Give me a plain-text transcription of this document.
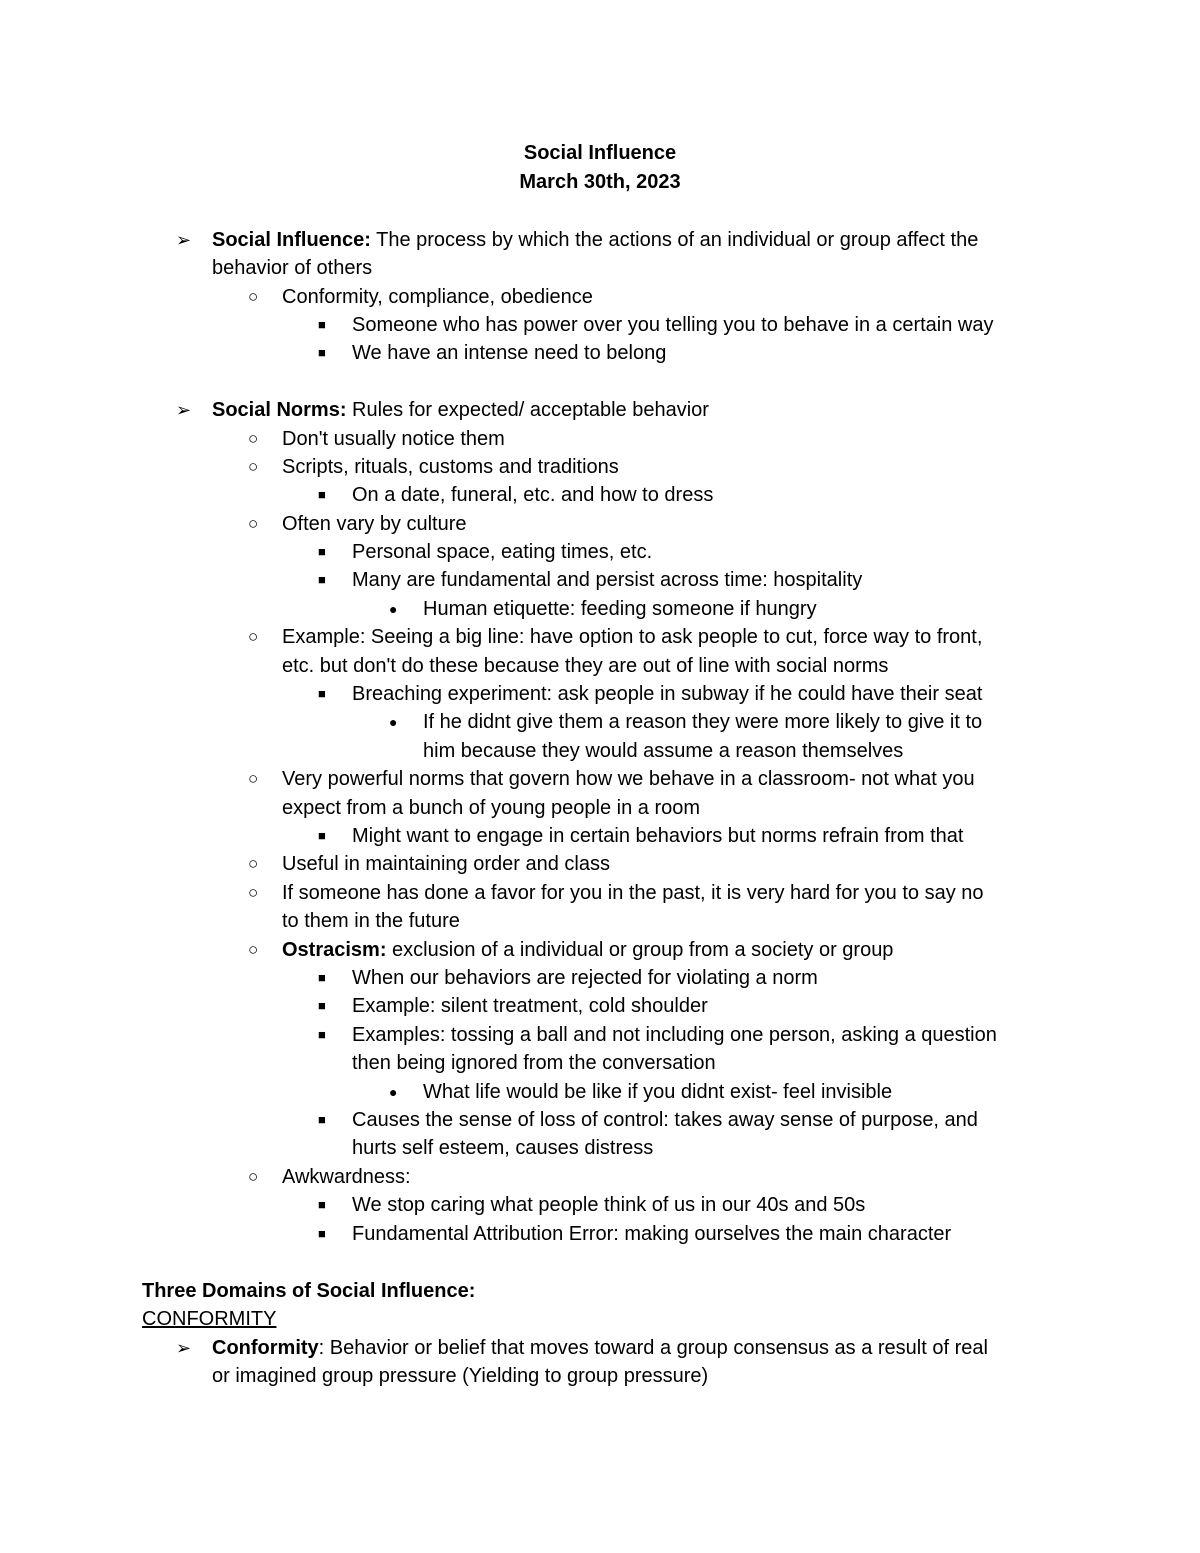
Social Influence
March 30th, 2023
➢ Social Influence: The process by which the actions of an individual or group affect the
behavior of others
○ Conformity, compliance, obedience
■ Someone who has power over you telling you to behave in a certain way
■ We have an intense need to belong
➢ Social Norms: Rules for expected/ acceptable behavior
○ Don't usually notice them
○ Scripts, rituals, customs and traditions
■ On a date, funeral, etc. and how to dress
○ Often vary by culture
■ Personal space, eating times, etc.
■ Many are fundamental and persist across time: hospitality
● Human etiquette: feeding someone if hungry
○ Example: Seeing a big line: have option to ask people to cut, force way to front,
etc. but don't do these because they are out of line with social norms
■ Breaching experiment: ask people in subway if he could have their seat
● If he didnt give them a reason they were more likely to give it to
him because they would assume a reason themselves
○ Very powerful norms that govern how we behave in a classroom- not what you
expect from a bunch of young people in a room
■ Might want to engage in certain behaviors but norms refrain from that
○ Useful in maintaining order and class
○ If someone has done a favor for you in the past, it is very hard for you to say no
to them in the future
○ Ostracism: exclusion of a individual or group from a society or group
■ When our behaviors are rejected for violating a norm
■ Example: silent treatment, cold shoulder
■ Examples: tossing a ball and not including one person, asking a question
then being ignored from the conversation
● What life would be like if you didnt exist- feel invisible
■ Causes the sense of loss of control: takes away sense of purpose, and
hurts self esteem, causes distress
○ Awkwardness:
■ We stop caring what people think of us in our 40s and 50s
■ Fundamental Attribution Error: making ourselves the main character
Three Domains of Social Influence:
CONFORMITY
➢ Conformity: Behavior or belief that moves toward a group consensus as a result of real
or imagined group pressure (Yielding to group pressure)
